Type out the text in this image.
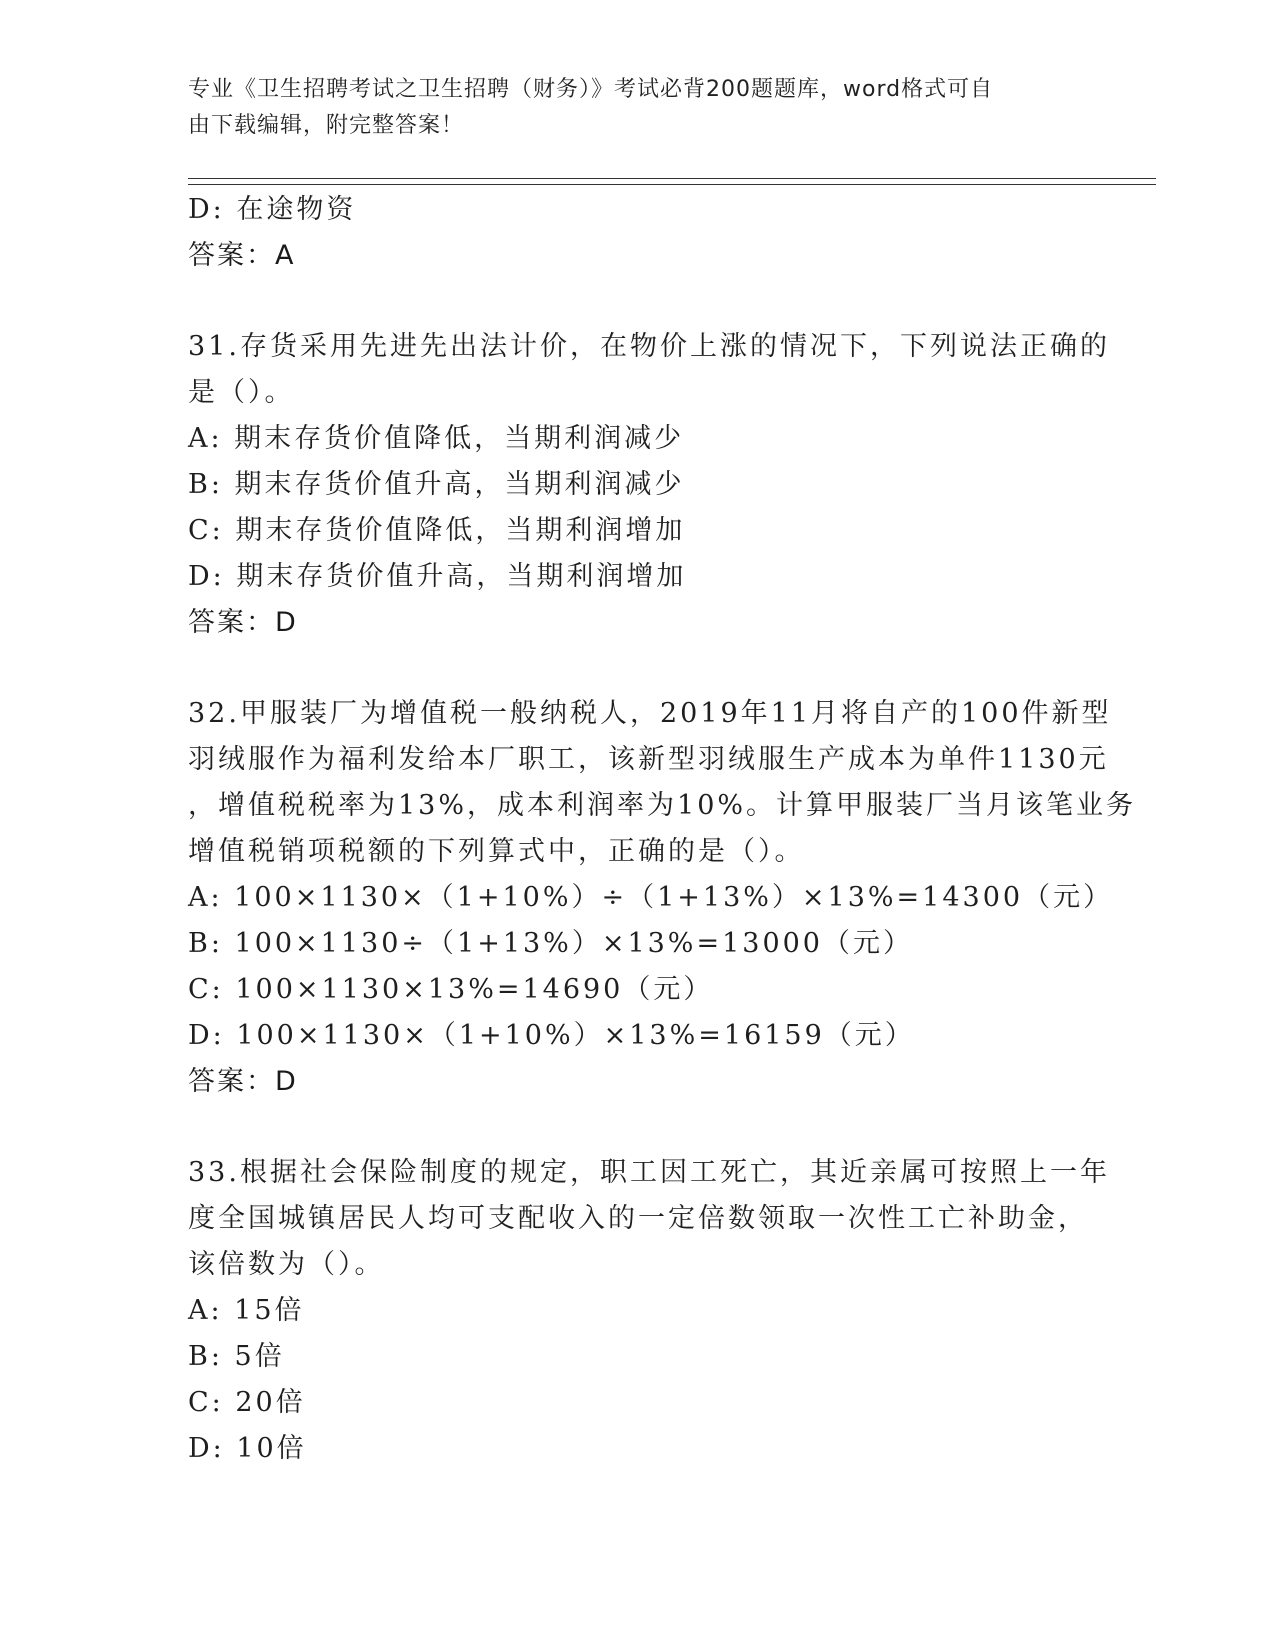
专业《卫生招聘考试之卫生招聘（财务）》考试必背200题题库，word格式可自
由下载编辑，附完整答案！
D: 在途物资
答案：A
31.存货采用先进先出法计价，在物价上涨的情况下，下列说法正确的
是（）。
A: 期末存货价值降低，当期利润减少
B: 期末存货价值升高，当期利润减少
C: 期末存货价值降低，当期利润增加
D: 期末存货价值升高，当期利润增加
答案：D
32.甲服装厂为增值税一般纳税人，2019年11月将自产的100件新型
羽绒服作为福利发给本厂职工，该新型羽绒服生产成本为单件1130元
，增值税税率为13%，成本利润率为10%。计算甲服装厂当月该笔业务
增值税销项税额的下列算式中，正确的是（）。
A: 100×1130×（1+10%）÷（1+13%）×13%=14300（元）
B: 100×1130÷（1+13%）×13%=13000（元）
C: 100×1130×13%=14690（元）
D: 100×1130×（1+10%）×13%=16159（元）
答案：D
33.根据社会保险制度的规定，职工因工死亡，其近亲属可按照上一年
度全国城镇居民人均可支配收入的一定倍数领取一次性工亡补助金，
该倍数为（）。
A: 15倍
B: 5倍
C: 20倍
D: 10倍
